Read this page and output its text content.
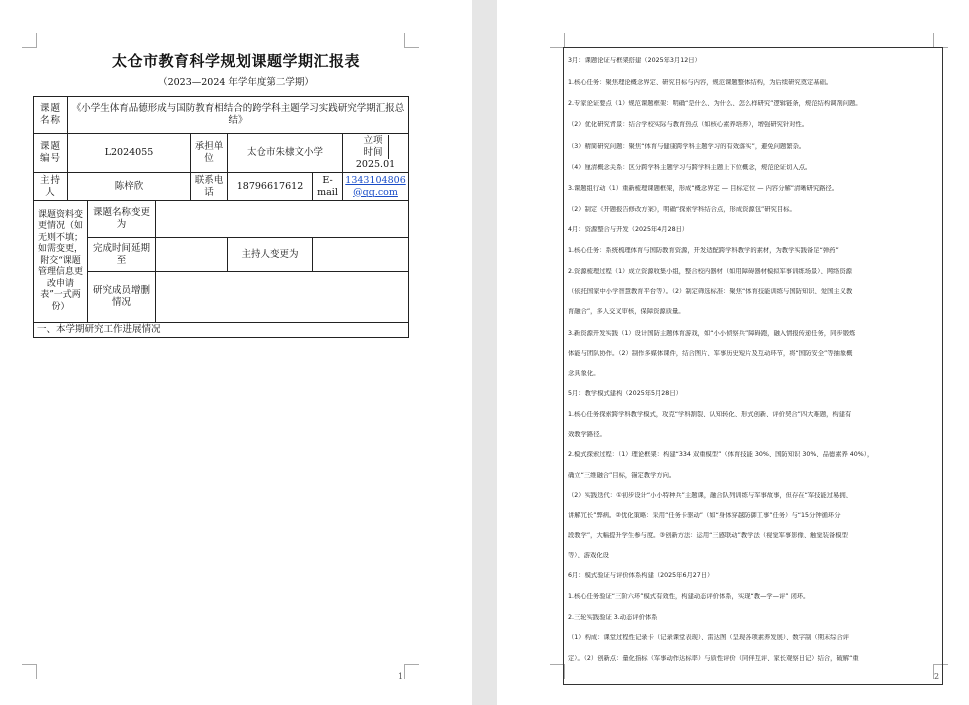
太仓市教育科学规划课题学期汇报表
（2023—2024 年学年度第二学期）
课题名称	《小学生体育品德形成与国防教育相结合的跨学科主题学习实践研究学期汇报总结》						
课题编号	L2024055			承担单位	太仓市朱棣文小学		立项时间 2025.01
主持人	陈梓欣			联系电话	18796617612	E-mail	1343104806@qq.com
课题资料变更情况（如无则不填；如需变更，附交“课题管理信息更改申请表”一式两份）		课题名称变更为					
		完成时间延期至			主持人变更为		
		研究成员增删情况					
一、本学期研究工作进展情况							
1
3月：课题论证与框架搭建（2025年3月12日）
1.核心任务：聚焦理论概念界定、研究目标与内容，规范课题整体结构，为后续研究奠定基础。
2.专家论证要点（1）规范课题框架：明确“是什么、为什么、怎么样研究”逻辑链条，规范结构调剂问题。
（2）优化研究背景：结合学校实际与教育热点（如核心素养培养），增强研究针对性。
（3）精简研究问题：聚焦“体育与健康跨学科主题学习的有效落实”，避免问题繁杂。
（4）厘清概念关系：区分跨学科主题学习与跨学科主题上下位概念，规范论证切入点。
3.课题组行动（1）重新梳理课题框架，形成“概念界定 — 目标定位 — 内容分解”清晰研究路径。
（2）制定《开题报告修改方案》，明确“探索学科结合点，形成资源包”研究目标。
4月：资源整合与开发（2025年4月28日）
1.核心任务：系统梳理体育与国防教育资源，开发适配跨学科教学的素材，为教学实践备足“弹药”
2.资源梳理过程（1）成立资源收集小组，整合校内器材（如用障碍器材模拟军事训练场景）、网络资源
（依托国家中小学智慧教育平台等）。（2）制定筛选标准：聚焦“体育技能训练与国防知识、爱国主义教
育融合”，多人交叉审核，保障资源质量。
3.新资源开发实践（1）设计国防主题体育游戏，如“小小侦察兵”障碍跑，融入情报传递任务，同步锻炼
体能与团队协作。（2）制作多媒体课件，结合图片、军事历史短片及互动环节，将“国防安全”等抽象概
念具象化。
5月：教学模式建构（2025年5月28日）
1.核心任务探索跨学科教学模式，攻克“学科割裂、认知转化、形式创新、评价契合”四大难题，构建有
效教学路径。
2.模式探索过程：（1）理论框架：构建“334 双重模型”（体育技能 30%、国防知识 30%、品德素养 40%），
确立“三维融合”目标，锚定教学方向。
（2）实践迭代：①初步设计“小小特种兵”主题课，融合队列训练与军事故事，但存在“军技能过易拥、
讲解冗长”弊病。②优化策略：采用“任务卡驱动”（如“身体穿越防御工事”任务）与“15分钟循环分
段教学”，大幅提升学生参与度。③创新方法：运用“三感联动”教学法（视觉军事影像、触觉装备模型
等）、游戏化设
6月：模式验证与评价体系构建（2025年6月27日）
1.核心任务验证“三阶六环”模式有效性，构建动态评价体系，实现“教—学—评” 闭环。
2.三轮实践验证 3.动态评价体系
（1）构成：课堂过程性记录卡（记录课堂表现）、雷达图（呈现各项素养发展）、数字制（期末综合评
定）。（2）创新点：量化指标（军事动作达标率）与质性评价（同伴互评、家长观察日记）结合，破解“重
2
